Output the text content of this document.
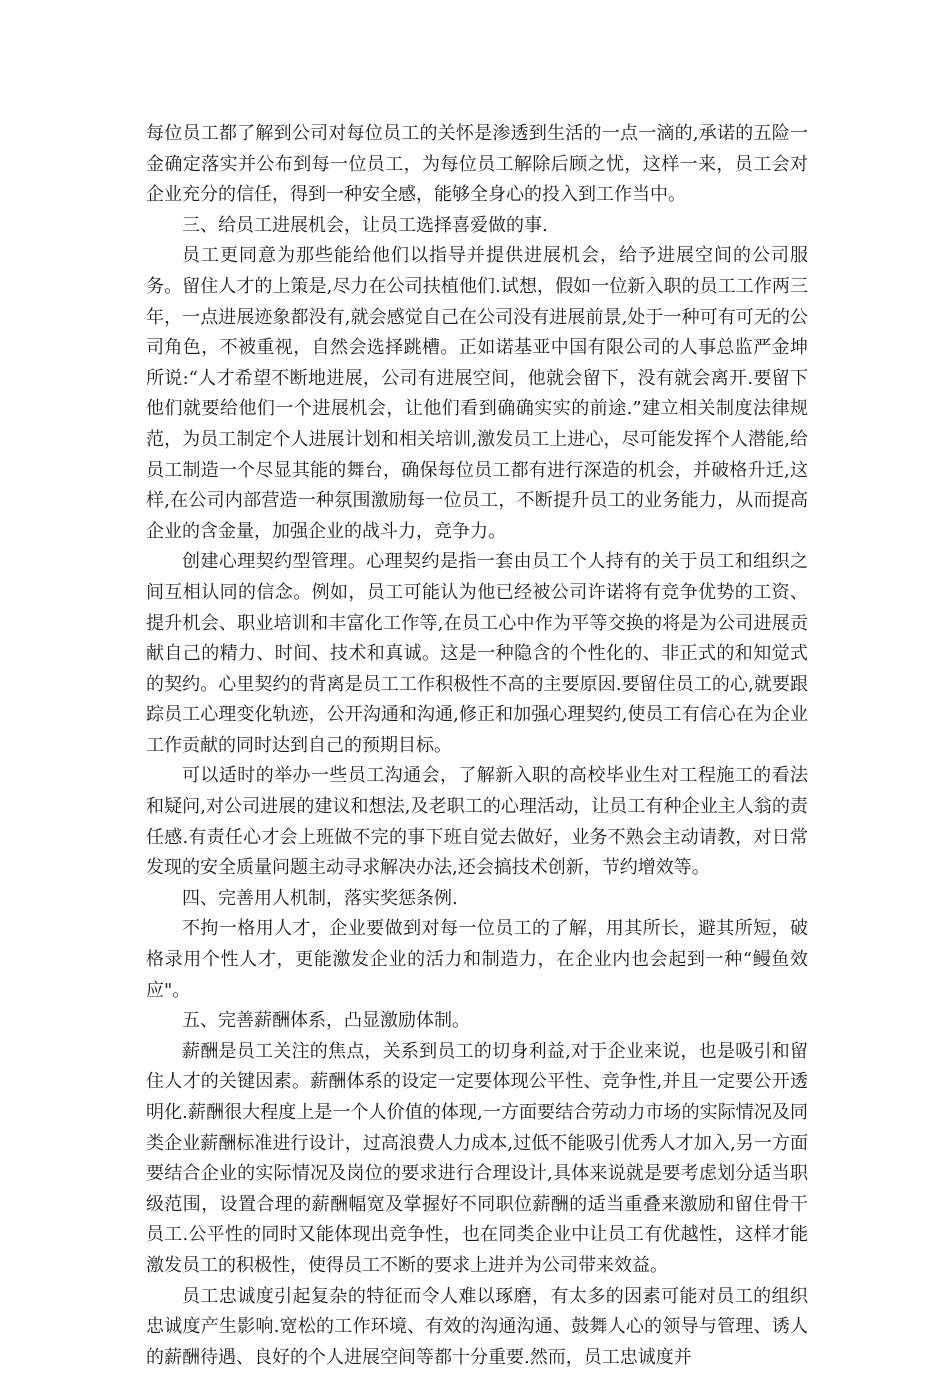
每位员工都了解到公司对每位员工的关怀是渗透到生活的一点一滴的,承诺的五险一金确定落实并公布到每一位员工，为每位员工解除后顾之忧，这样一来，员工会对企业充分的信任，得到一种安全感，能够全身心的投入到工作当中。

三、给员工进展机会，让员工选择喜爱做的事.

员工更同意为那些能给他们以指导并提供进展机会，给予进展空间的公司服务。留住人才的上策是,尽力在公司扶植他们.试想，假如一位新入职的员工工作两三年，一点进展迹象都没有,就会感觉自己在公司没有进展前景,处于一种可有可无的公司角色，不被重视，自然会选择跳槽。正如诺基亚中国有限公司的人事总监严金坤所说:“人才希望不断地进展，公司有进展空间，他就会留下，没有就会离开.要留下他们就要给他们一个进展机会，让他们看到确确实实的前途.”建立相关制度法律规范，为员工制定个人进展计划和相关培训,激发员工上进心，尽可能发挥个人潜能,给员工制造一个尽显其能的舞台，确保每位员工都有进行深造的机会，并破格升迁,这样,在公司内部营造一种氛围激励每一位员工，不断提升员工的业务能力，从而提高企业的含金量，加强企业的战斗力，竞争力。

创建心理契约型管理。心理契约是指一套由员工个人持有的关于员工和组织之间互相认同的信念。例如，员工可能认为他已经被公司许诺将有竞争优势的工资、提升机会、职业培训和丰富化工作等,在员工心中作为平等交换的将是为公司进展贡献自己的精力、时间、技术和真诚。这是一种隐含的个性化的、非正式的和知觉式的契约。心里契约的背离是员工工作积极性不高的主要原因.要留住员工的心,就要跟踪员工心理变化轨迹，公开沟通和沟通,修正和加强心理契约,使员工有信心在为企业工作贡献的同时达到自己的预期目标。

可以适时的举办一些员工沟通会，了解新入职的高校毕业生对工程施工的看法和疑问,对公司进展的建议和想法,及老职工的心理活动，让员工有种企业主人翁的责任感.有责任心才会上班做不完的事下班自觉去做好，业务不熟会主动请教，对日常发现的安全质量问题主动寻求解决办法,还会搞技术创新，节约增效等。

四、完善用人机制，落实奖惩条例.

不拘一格用人才，企业要做到对每一位员工的了解，用其所长，避其所短，破格录用个性人才，更能激发企业的活力和制造力，在企业内也会起到一种“鳗鱼效应"。

五、完善薪酬体系，凸显激励体制。

薪酬是员工关注的焦点，关系到员工的切身利益,对于企业来说，也是吸引和留住人才的关键因素。薪酬体系的设定一定要体现公平性、竞争性,并且一定要公开透明化.薪酬很大程度上是一个人价值的体现,一方面要结合劳动力市场的实际情况及同类企业薪酬标准进行设计，过高浪费人力成本,过低不能吸引优秀人才加入,另一方面要结合企业的实际情况及岗位的要求进行合理设计,具体来说就是要考虑划分适当职级范围，设置合理的薪酬幅宽及掌握好不同职位薪酬的适当重叠来激励和留住骨干员工.公平性的同时又能体现出竞争性，也在同类企业中让员工有优越性，这样才能激发员工的积极性，使得员工不断的要求上进并为公司带来效益。

员工忠诚度引起复杂的特征而令人难以琢磨，有太多的因素可能对员工的组织忠诚度产生影响.宽松的工作环境、有效的沟通沟通、鼓舞人心的领导与管理、诱人的薪酬待遇、良好的个人进展空间等都十分重要.然而，员工忠诚度并
